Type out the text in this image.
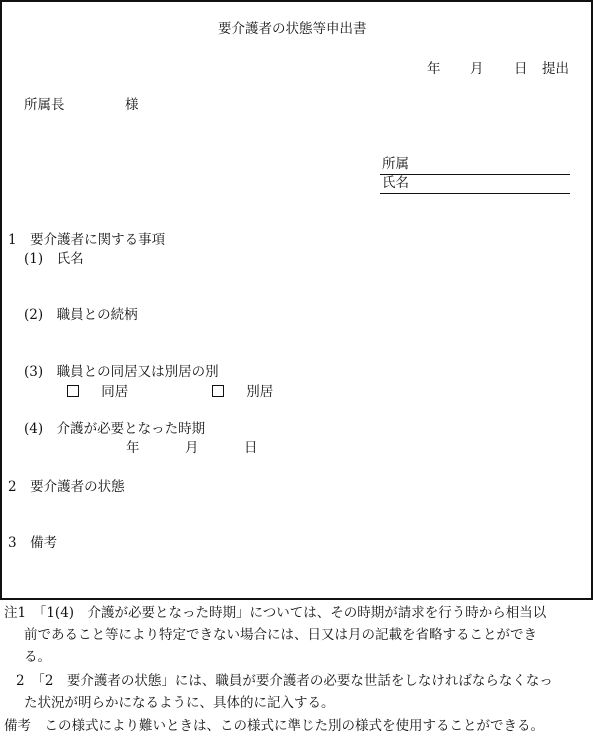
要介護者の状態等申出書
年 月 日 提出
所属長	様
所属
氏名
1　要介護者に関する事項
(1)　氏名
(2)　職員との続柄
(3)　職員との同居又は別居の別
同居	別居
(4)　介護が必要となった時期
年	月	日
2　要介護者の状態
3　備考
注1　「1(4)　介護が必要となった時期」については、その時期が請求を行う時から相当以
前であること等により特定できない場合には、日又は月の記載を省略することができ
る。
2　「2　要介護者の状態」には、職員が要介護者の必要な世話をしなければならなくなっ
た状況が明らかになるように、具体的に記入する。
備考　この様式により難いときは、この様式に準じた別の様式を使用することができる。
